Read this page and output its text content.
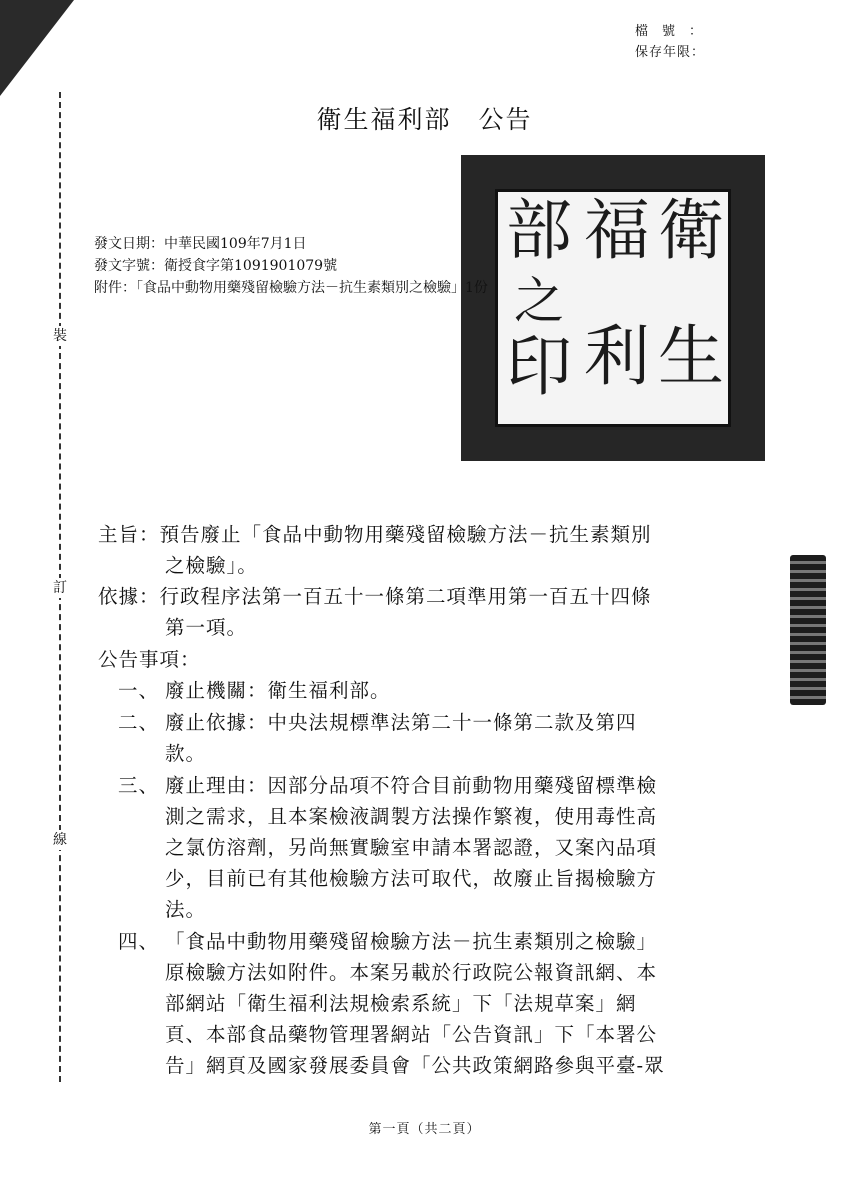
檔號：
保存年限：
裝
訂
線
衛生福利部　公告
衛
生
福
利
部
之
印
發文日期：中華民國109年7月1日
發文字號：衛授食字第1091901079號
附件：「食品中動物用藥殘留檢驗方法－抗生素類別之檢驗」1份
主旨：預告廢止「食品中動物用藥殘留檢驗方法－抗生素類別
之檢驗」。
依據：行政程序法第一百五十一條第二項準用第一百五十四條
第一項。
公告事項：
一、 廢止機關：衛生福利部。
二、 廢止依據：中央法規標準法第二十一條第二款及第四
款。
三、 廢止理由：因部分品項不符合目前動物用藥殘留標準檢
測之需求，且本案檢液調製方法操作繁複，使用毒性高
之氯仿溶劑，另尚無實驗室申請本署認證，又案內品項
少，目前已有其他檢驗方法可取代，故廢止旨揭檢驗方
法。
四、 「食品中動物用藥殘留檢驗方法－抗生素類別之檢驗」
原檢驗方法如附件。本案另載於行政院公報資訊網、本
部網站「衛生福利法規檢索系統」下「法規草案」網
頁、本部食品藥物管理署網站「公告資訊」下「本署公
告」網頁及國家發展委員會「公共政策網路參與平臺-眾
第一頁（共二頁）
